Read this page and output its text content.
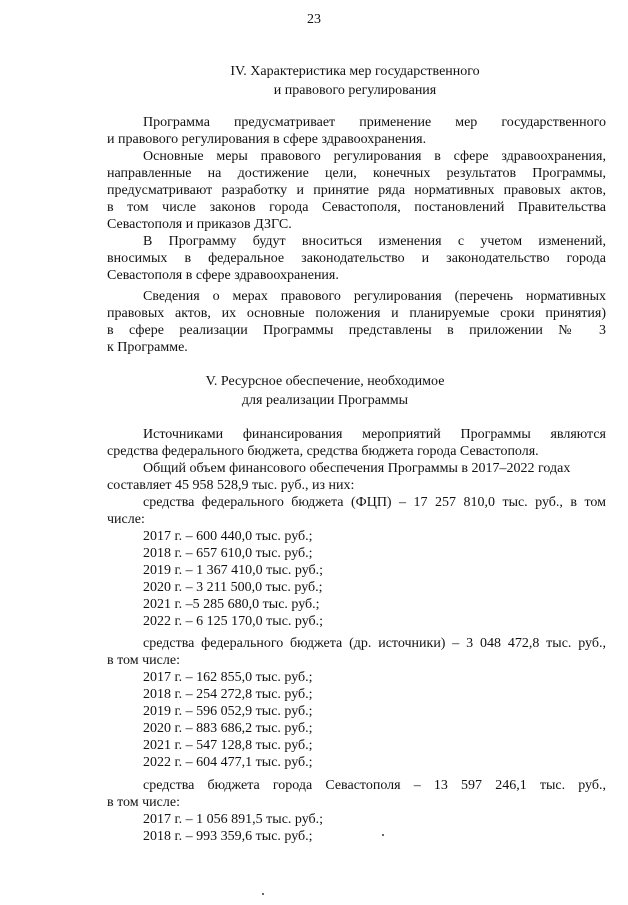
23
IV. Характеристика мер государственного
и правового регулирования
Программа предусматривает применение мер государственного
и правового регулирования в сфере здравоохранения.
Основные меры правового регулирования в сфере здравоохранения,
направленные на достижение цели, конечных результатов Программы,
предусматривают разработку и принятие ряда нормативных правовых актов,
в том числе законов города Севастополя, постановлений Правительства
Севастополя и приказов ДЗГС.
В Программу будут вноситься изменения с учетом изменений,
вносимых в федеральное законодательство и законодательство города
Севастополя в сфере здравоохранения.
Сведения о мерах правового регулирования (перечень нормативных
правовых актов, их основные положения и планируемые сроки принятия)
в сфере реализации Программы представлены в приложении № 3
к Программе.
V. Ресурсное обеспечение, необходимое
для реализации Программы
Источниками финансирования мероприятий Программы являются
средства федерального бюджета, средства бюджета города Севастополя.
Общий объем финансового обеспечения Программы в 2017–2022 годах
составляет 45 958 528,9 тыс. руб., из них:
средства федерального бюджета (ФЦП) – 17 257 810,0 тыс. руб., в том
числе:
2017 г. – 600 440,0 тыс. руб.;
2018 г. – 657 610,0 тыс. руб.;
2019 г. – 1 367 410,0 тыс. руб.;
2020 г. – 3 211 500,0 тыс. руб.;
2021 г. –5 285 680,0 тыс. руб.;
2022 г. – 6 125 170,0 тыс. руб.;
средства федерального бюджета (др. источники) – 3 048 472,8 тыс. руб.,
в том числе:
2017 г. – 162 855,0 тыс. руб.;
2018 г. – 254 272,8 тыс. руб.;
2019 г. – 596 052,9 тыс. руб.;
2020 г. – 883 686,2 тыс. руб.;
2021 г. – 547 128,8 тыс. руб.;
2022 г. – 604 477,1 тыс. руб.;
средства бюджета города Севастополя – 13 597 246,1 тыс. руб.,
в том числе:
2017 г. – 1 056 891,5 тыс. руб.;
2018 г. – 993 359,6 тыс. руб.;
